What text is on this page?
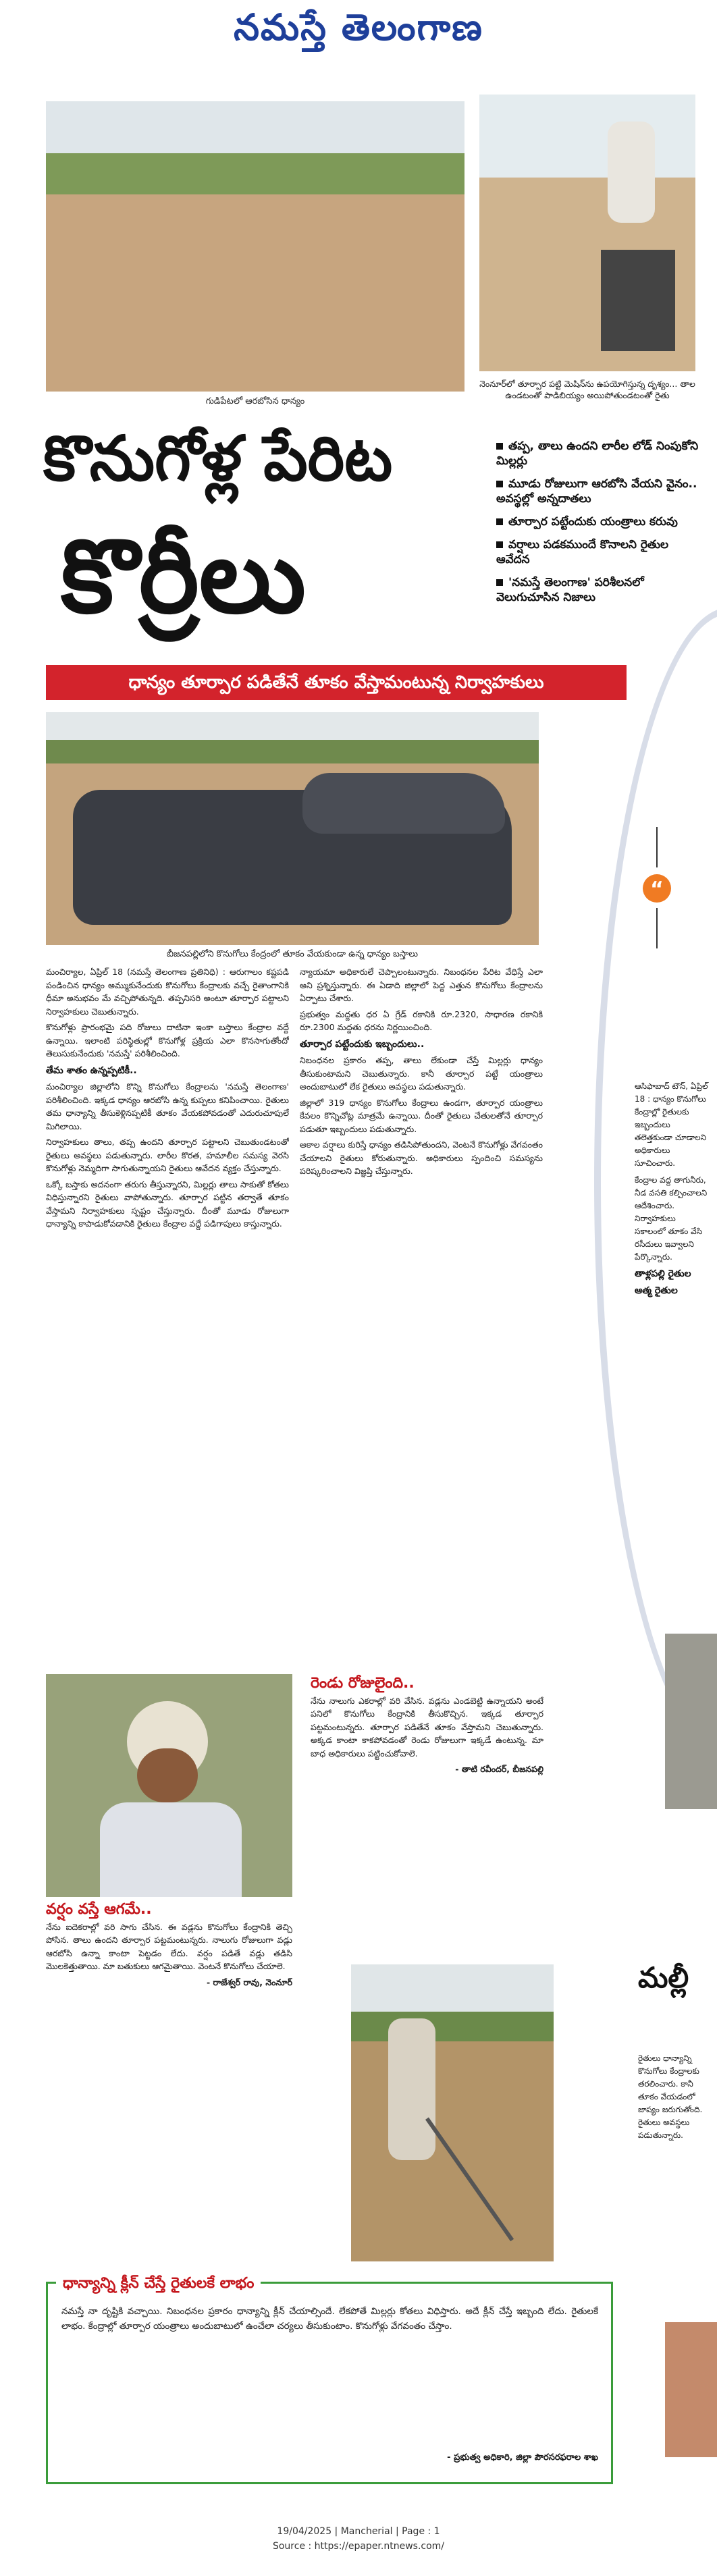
నమస్తే తెలంగాణ
గుడిపేటలో ఆరబోసిన ధాన్యం
నెంనూర్‌లో తూర్పార పట్టి మెషిన్‌ను ఉపయోగిస్తున్న దృశ్యం... తాల ఉండటంతో పాడిబియ్యం అయిపోతుండటంతో రైతు
కొనుగోళ్ల పేరిట
కొర్రీలు
తప్ప, తాలు ఉందని లారీల లోడ్ నింపుకోని మిల్లర్లు
మూడు రోజులుగా ఆరబోసి వేయని వైనం.. అవస్థల్లో అన్నదాతలు
తూర్పార పట్టేందుకు యంత్రాలు కరువు
వర్షాలు పడకముందే కొనాలని రైతుల ఆవేదన
'నమస్తే తెలంగాణ' పరిశీలనలో వెలుగుచూసిన నిజాలు
ధాన్యం తూర్పార పడితేనే తూకం వేస్తామంటున్న నిర్వాహకులు
బీజనపల్లిలోని కొనుగోలు కేంద్రంలో తూకం వేయకుండా ఉన్న ధాన్యం బస్తాలు
“

మంచిర్యాల, ఏప్రిల్ 18 (నమస్తే తెలంగాణ ప్రతినిధి) : ఆరుగాలం కష్టపడి పండించిన ధాన్యం అమ్ముకునేందుకు కొనుగోలు కేంద్రాలకు వచ్చే రైతాంగానికి ధీమా అనుభవం మే వచ్చిపోతున్నది. తప్పనిసరి అంటూ తూర్పార పట్టాలని నిర్వాహకులు చెబుతున్నారు.

కొనుగోళ్లు ప్రారంభమై పది రోజులు దాటినా ఇంకా బస్తాలు కేంద్రాల వద్దే ఉన్నాయి. ఇలాంటి పరిస్థితుల్లో కొనుగోళ్ల ప్రక్రియ ఎలా కొనసాగుతోందో తెలుసుకునేందుకు 'నమస్తే' పరిశీలించింది.

తేమ శాతం ఉన్నప్పటికీ..

మంచిర్యాల జిల్లాలోని కొన్ని కొనుగోలు కేంద్రాలను 'నమస్తే తెలంగాణ' పరిశీలించింది. ఇక్కడ ధాన్యం ఆరబోసి ఉన్న కుప్పలు కనిపించాయి. రైతులు తమ ధాన్యాన్ని తీసుకెళ్లినప్పటికీ తూకం వేయకపోవడంతో ఎదురుచూపులే మిగిలాయి.

నిర్వాహకులు తాలు, తప్ప ఉందని తూర్పార పట్టాలని చెబుతుండటంతో రైతులు అవస్థలు పడుతున్నారు. లారీల కొరత, హమాలీల సమస్య వెరసి కొనుగోళ్లు నెమ్మదిగా సాగుతున్నాయని రైతులు ఆవేదన వ్యక్తం చేస్తున్నారు.

ఒక్కో బస్తాకు అదనంగా తరుగు తీస్తున్నారని, మిల్లర్లు తాలు సాకుతో కోతలు విధిస్తున్నారని రైతులు వాపోతున్నారు. తూర్పార పట్టిన తర్వాతే తూకం వేస్తామని నిర్వాహకులు స్పష్టం చేస్తున్నారు. దీంతో మూడు రోజులుగా ధాన్యాన్ని కాపాడుకోవడానికి రైతులు కేంద్రాల వద్దే పడిగాపులు కాస్తున్నారు.

న్యాయమా అధికారులే చెప్పాలంటున్నారు. నిబంధనల పేరిట వేధిస్తే ఎలా అని ప్రశ్నిస్తున్నారు. ఈ ఏడాది జిల్లాలో పెద్ద ఎత్తున కొనుగోలు కేంద్రాలను ఏర్పాటు చేశారు.

ప్రభుత్వం మద్దతు ధర ఏ గ్రేడ్ రకానికి రూ.2320, సాధారణ రకానికి రూ.2300 మద్దతు ధరను నిర్ణయించింది.

తూర్పార పట్టేందుకు ఇబ్బందులు..

నిబంధనల ప్రకారం తప్ప, తాలు లేకుండా చేస్తే మిల్లర్లు ధాన్యం తీసుకుంటామని చెబుతున్నారు. కానీ తూర్పార పట్టే యంత్రాలు అందుబాటులో లేక రైతులు అవస్థలు పడుతున్నారు.

జిల్లాలో 319 ధాన్యం కొనుగోలు కేంద్రాలు ఉండగా, తూర్పార యంత్రాలు కేవలం కొన్నిచోట్ల మాత్రమే ఉన్నాయి. దీంతో రైతులు చేతులతోనే తూర్పార పడుతూ ఇబ్బందులు పడుతున్నారు.

అకాల వర్షాలు కురిస్తే ధాన్యం తడిసిపోతుందని, వెంటనే కొనుగోళ్లు వేగవంతం చేయాలని రైతులు కోరుతున్నారు. అధికారులు స్పందించి సమస్యను పరిష్కరించాలని విజ్ఞప్తి చేస్తున్నారు.

ఆసిఫాబాద్ టౌన్, ఏప్రిల్ 18 : ధాన్యం కొనుగోలు కేంద్రాల్లో రైతులకు ఇబ్బందులు తలెత్తకుండా చూడాలని అధికారులు సూచించారు.

కేంద్రాల వద్ద తాగునీరు, నీడ వసతి కల్పించాలని ఆదేశించారు. నిర్వాహకులు సకాలంలో తూకం వేసి రసీదులు ఇవ్వాలని పేర్కొన్నారు.

తాళ్లపల్లి రైతుల
ఆత్మ రైతుల
రెండు రోజులైంది..

నేను నాలుగు ఎకరాల్లో వరి వేసిన. వడ్లను ఎండబెట్టి ఉన్నాయని అంటే పనిలో కొనుగోలు కేంద్రానికి తీసుకొచ్చిన. ఇక్కడ తూర్పార పట్టమంటున్నరు. తూర్పార పడితేనే తూకం వేస్తామని చెబుతున్నారు. అక్కడ కాంటా కాకపోవడంతో రెండు రోజులుగా ఇక్కడే ఉంటున్న. మా బాధ అధికారులు పట్టించుకోవాలె.

- తాటి రవీందర్, బీజనపల్లి

వర్షం వస్తే ఆగమే..

నేను ఐదెకరాల్లో వరి సాగు చేసిన. ఈ వడ్లను కొనుగోలు కేంద్రానికి తెచ్చి పోసిన. తాలు ఉందని తూర్పార పట్టమంటున్నరు. నాలుగు రోజులుగా వడ్లు ఆరబోసి ఉన్నా కాంటా పెట్టడం లేదు. వర్షం పడితే వడ్లు తడిసి మొలకెత్తుతాయి. మా బతుకులు ఆగమైతాయి. వెంటనే కొనుగోలు చేయాలె.

- రాజేశ్వర్ రావు, నెంనూర్	మల్లీ
రైతులు ధాన్యాన్ని కొనుగోలు కేంద్రాలకు తరలించారు. కానీ తూకం వేయడంలో జాప్యం జరుగుతోంది. రైతులు అవస్థలు పడుతున్నారు.
ధాన్యాన్ని క్లీన్ చేస్తే రైతులకే లాభం
నమస్తే నా దృష్టికి వచ్చాయి. నిబంధనల ప్రకారం ధాన్యాన్ని క్లీన్ చేయాల్సిందే. లేకపోతే మిల్లర్లు కోతలు విధిస్తారు. అదే క్లీన్ చేస్తే ఇబ్బంది లేదు. రైతులకే లాభం. కేంద్రాల్లో తూర్పార యంత్రాలు అందుబాటులో ఉంచేలా చర్యలు తీసుకుంటాం. కొనుగోళ్లు వేగవంతం చేస్తాం.
- ప్రభుత్వ అధికారి, జిల్లా పౌరసరఫరాల శాఖ
19/04/2025 | Mancherial | Page : 1
Source : https://epaper.ntnews.com/
